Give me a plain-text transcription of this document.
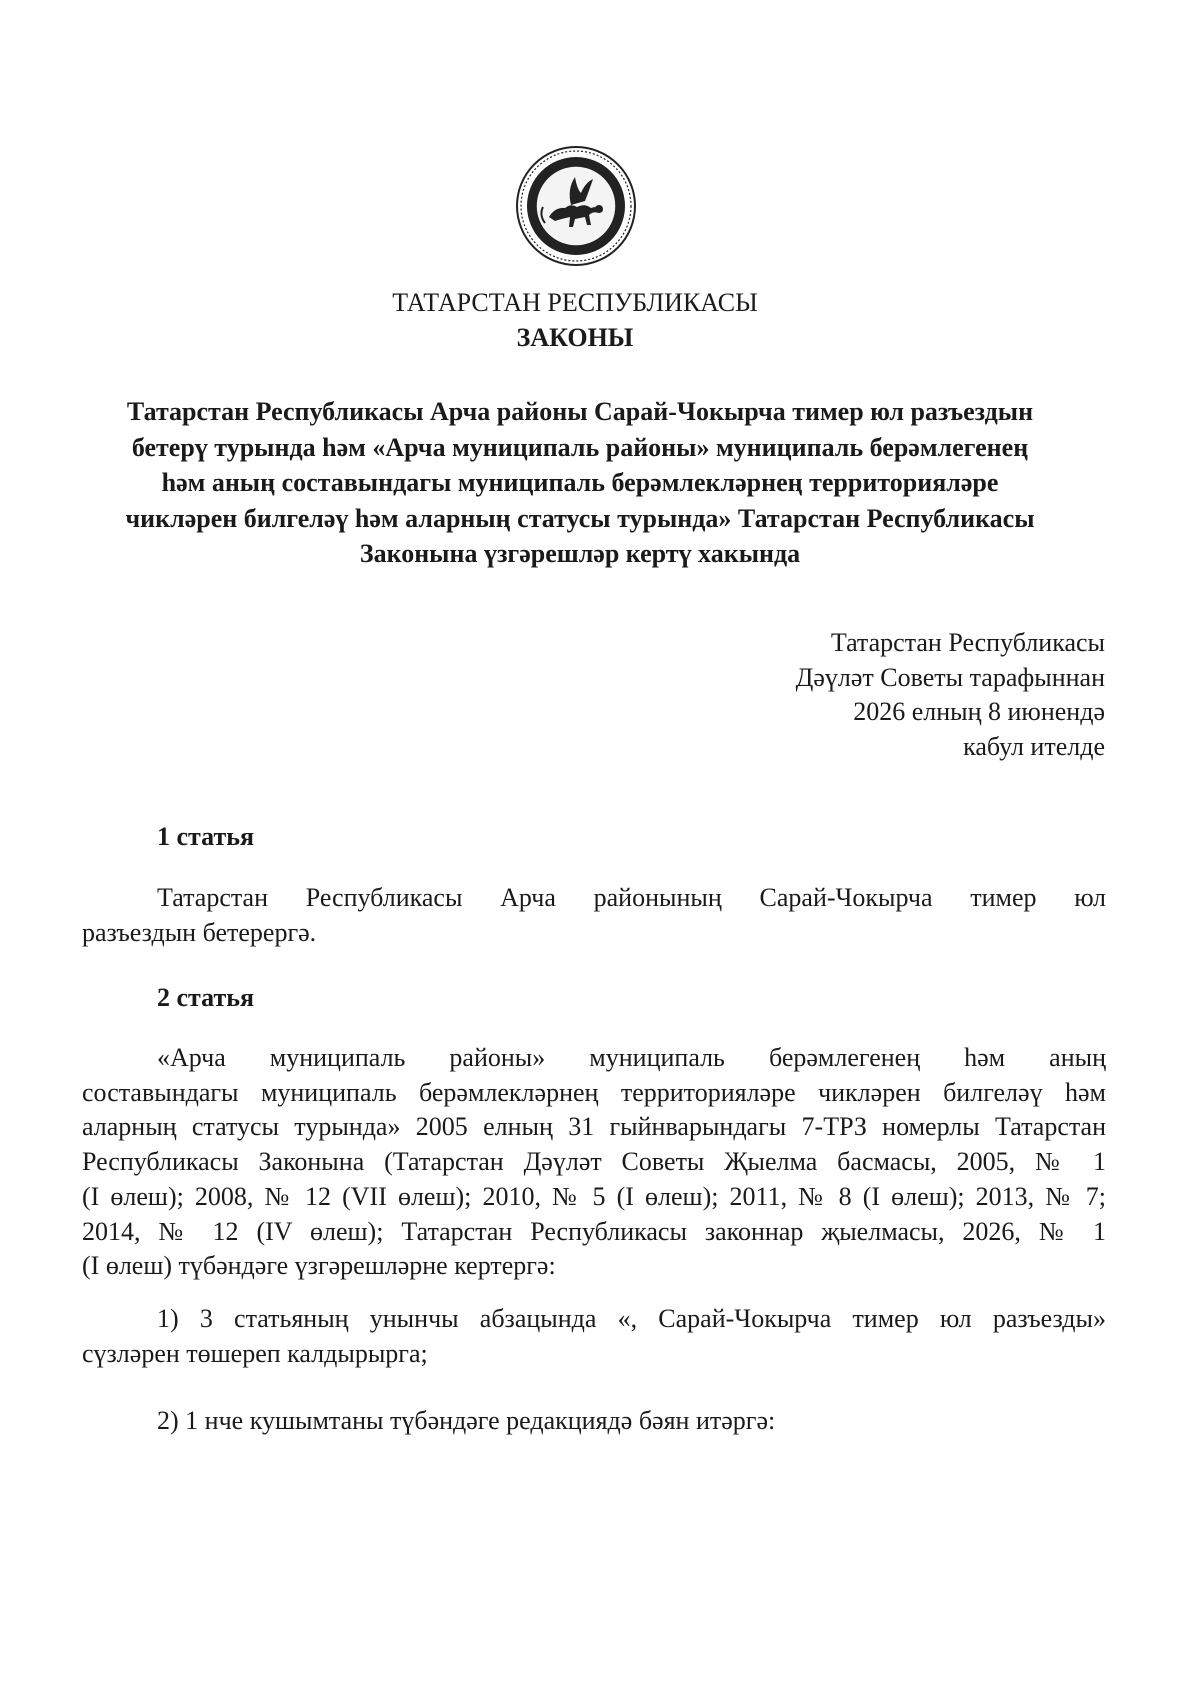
ТАТАРСТАН РЕСПУБЛИКАСЫ
ЗАКОНЫ
Татарстан Республикасы Арча районы Сарай-Чокырча тимер юл разъездын
бетерү турында һәм «Арча муниципаль районы» муниципаль берәмлегенең
һәм аның составындагы муниципаль берәмлекләрнең территорияләре
чикләрен билгеләү һәм аларның статусы турында» Татарстан Республикасы
Законына үзгәрешләр кертү хакында
Татарстан Республикасы
Дәүләт Советы тарафыннан
2026 елның 8 июнендә
кабул ителде
1 статья
Татарстан Республикасы Арча районының Сарай-Чокырча тимер юл
разъездын бетерергә.
2 статья
«Арча муниципаль районы» муниципаль берәмлегенең һәм аның
составындагы муниципаль берәмлекләрнең территорияләре чикләрен билгеләү һәм
аларның статусы турында» 2005 елның 31 гыйнварындагы 7-ТРЗ номерлы Татарстан
Республикасы Законына (Татарстан Дәүләт Советы Җыелма басмасы, 2005, № 1
(I өлеш); 2008, № 12 (VII өлеш); 2010, № 5 (I өлеш); 2011, № 8 (I өлеш); 2013, № 7;
2014, № 12 (IV өлеш); Татарстан Республикасы законнар җыелмасы, 2026, № 1
(I өлеш) түбәндәге үзгәрешләрне кертергә:
1) 3 статьяның унынчы абзацында «, Сарай-Чокырча тимер юл разъезды»
сүзләрен төшереп калдырырга;
2) 1 нче кушымтаны түбәндәге редакциядә бәян итәргә:
